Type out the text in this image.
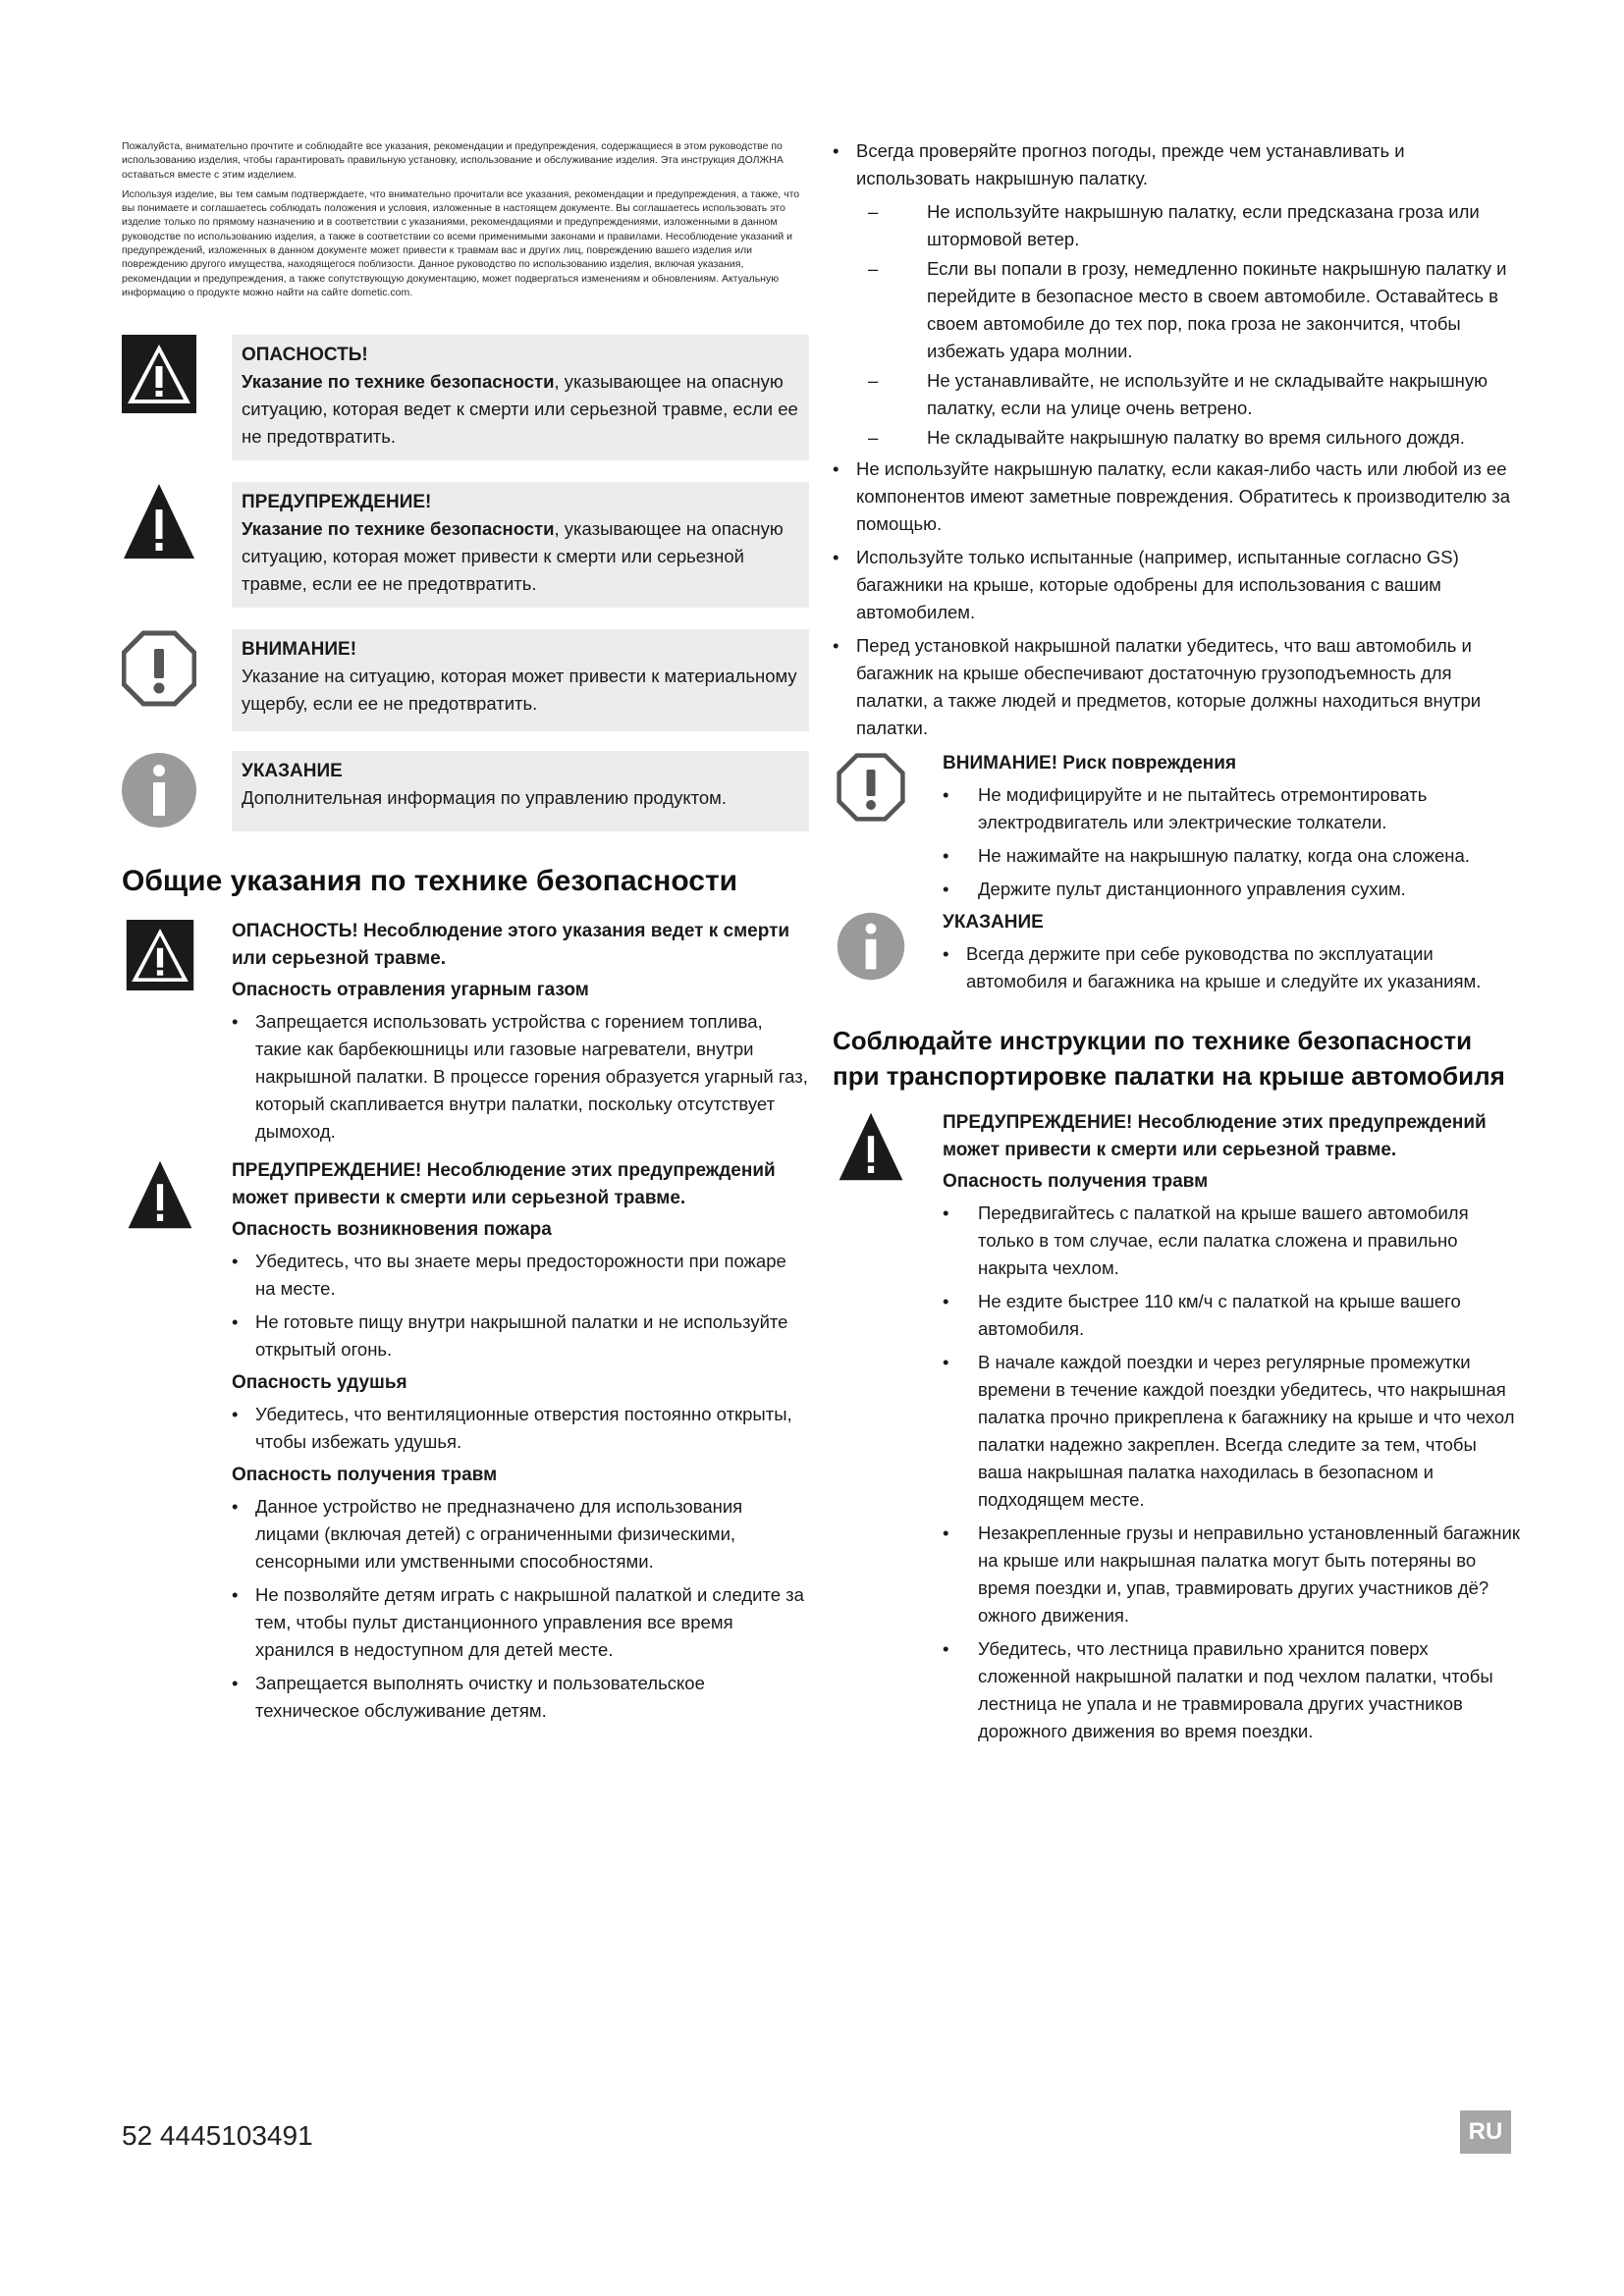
Пожалуйста, внимательно прочтите и соблюдайте все указания, рекомендации и предупреждения, содержащиеся в этом руководстве по использованию изделия, чтобы гарантировать правильную установку, использование и обслуживание изделия. Эта инструкция ДОЛЖНА оставаться вместе с этим изделием.

Используя изделие, вы тем самым подтверждаете, что внимательно прочитали все указания, рекомендации и предупреждения, а также, что вы понимаете и соглашаетесь соблюдать положения и условия, изложенные в настоящем документе. Вы соглашаетесь использовать это изделие только по прямому назначению и в соответствии с указаниями, рекомендациями и предупреждениями, изложенными в данном руководстве по использованию изделия, а также в соответствии со всеми применимыми законами и правилами. Несоблюдение указаний и предупреждений, изложенных в данном документе может привести к травмам вас и других лиц, повреждению вашего изделия или повреждению другого имущества, находящегося поблизости. Данное руководство по использованию изделия, включая указания, рекомендации и предупреждения, а также сопутствующую документацию, может подвергаться изменениям и обновлениям. Актуальную информацию о продукте можно найти на сайте dometic.com.

ОПАСНОСТЬ!
Указание по технике безопасности, указывающее на опасную ситуацию, которая ведет к смерти или серьезной травме, если ее не предотвратить.
ПРЕДУПРЕЖДЕНИЕ!
Указание по технике безопасности, указывающее на опасную ситуацию, которая может привести к смерти или серьезной травме, если ее не предотвратить.
ВНИМАНИЕ!
Указание на ситуацию, которая может привести к материальному ущербу, если ее не предотвратить.
УКАЗАНИЕ
Дополнительная информация по управлению продуктом.
Общие указания по технике безопасности
ОПАСНОСТЬ! Несоблюдение этого указания ведет к смерти или серьезной травме.
Опасность отравления угарным газом
• Запрещается использовать устройства с горением топлива, такие как барбекюшницы или газовые нагреватели, внутри накрышной палатки. В процессе горения образуется угарный газ, который скапливается внутри палатки, поскольку отсутствует дымоход.
ПРЕДУПРЕЖДЕНИЕ! Несоблюдение этих предупреждений может привести к смерти или серьезной травме.
Опасность возникновения пожара
• Убедитесь, что вы знаете меры предосторожности при пожаре на месте.
• Не готовьте пищу внутри накрышной палатки и не используйте открытый огонь.
Опасность удушья
• Убедитесь, что вентиляционные отверстия постоянно открыты, чтобы избежать удушья.
Опасность получения травм
• Данное устройство не предназначено для использования лицами (включая детей) с ограниченными физическими, сенсорными или умственными способностями.
• Не позволяйте детям играть с накрышной палаткой и следите за тем, чтобы пульт дистанционного управления все время хранился в недоступном для детей месте.
• Запрещается выполнять очистку и пользовательское техническое обслуживание детям.
• Всегда проверяйте прогноз погоды, прежде чем устанавливать и использовать накрышную палатку.
– Не используйте накрышную палатку, если предсказана гроза или штормовой ветер.
– Если вы попали в грозу, немедленно покиньте накрышную палатку и перейдите в безопасное место в своем автомобиле. Оставайтесь в своем автомобиле до тех пор, пока гроза не закончится, чтобы избежать удара молнии.
– Не устанавливайте, не используйте и не складывайте накрышную палатку, если на улице очень ветрено.
– Не складывайте накрышную палатку во время сильного дождя.
• Не используйте накрышную палатку, если какая-либо часть или любой из ее компонентов имеют заметные повреждения. Обратитесь к производителю за помощью.
• Используйте только испытанные (например, испытанные согласно GS) багажники на крыше, которые одобрены для использования с вашим автомобилем.
• Перед установкой накрышной палатки убедитесь, что ваш автомобиль и багажник на крыше обеспечивают достаточную грузоподъемность для палатки, а также людей и предметов, которые должны находиться внутри палатки.
ВНИМАНИЕ! Риск повреждения
• Не модифицируйте и не пытайтесь отремонтировать электродвигатель или электрические толкатели.
• Не нажимайте на накрышную палатку, когда она сложена.
• Держите пульт дистанционного управления сухим.
УКАЗАНИЕ
• Всегда держите при себе руководства по эксплуатации автомобиля и багажника на крыше и следуйте их указаниям.
Соблюдайте инструкции по технике безопасности при транспортировке палатки на крыше автомобиля
ПРЕДУПРЕЖДЕНИЕ! Несоблюдение этих предупреждений может привести к смерти или серьезной травме.
Опасность получения травм
• Передвигайтесь с палаткой на крыше вашего автомобиля только в том случае, если палатка сложена и правильно накрыта чехлом.
• Не ездите быстрее 110 км/ч с палаткой на крыше вашего автомобиля.
• В начале каждой поездки и через регулярные промежутки времени в течение каждой поездки убедитесь, что накрышная палатка прочно прикреплена к багажнику на крыше и что чехол палатки надежно закреплен. Всегда следите за тем, чтобы ваша накрышная палатка находилась в безопасном и подходящем месте.
• Незакрепленные грузы и неправильно установленный багажник на крыше или накрышная палатка могут быть потеряны во время поездки и, упав, травмировать других участников дё?ожного движения.
• Убедитесь, что лестница правильно хранится поверх сложенной накрышной палатки и под чехлом палатки, чтобы лестница не упала и не травмировала других участников дорожного движения во время поездки.
52 4445103491	RU
